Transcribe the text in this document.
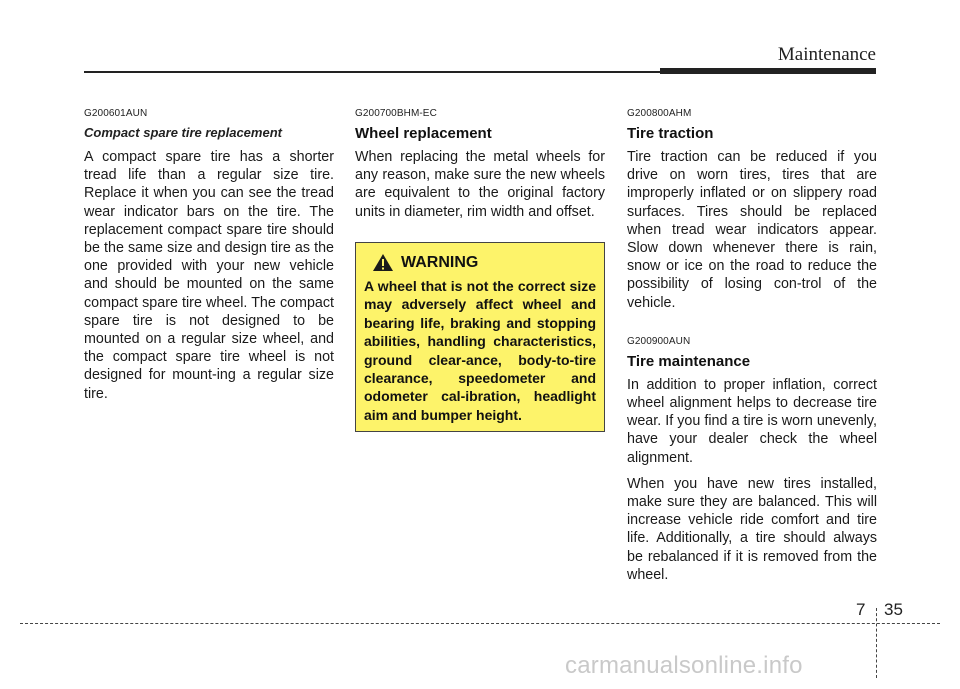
Maintenance
G200601AUN
Compact spare tire replacement

A compact spare tire has a shorter tread life than a regular size tire. Replace it when you can see the tread wear indicator bars on the tire. The replacement compact spare tire should be the same size and design tire as the one provided with your new vehicle and should be mounted on the same compact spare tire wheel. The compact spare tire is not designed to be mounted on a regular size wheel, and the compact spare tire wheel is not designed for mount-ing a regular size tire.

G200700BHM-EC
Wheel replacement

When replacing the metal wheels for any reason, make sure the new wheels are equivalent to the original factory units in diameter, rim width and offset.

WARNING

A wheel that is not the correct size may adversely affect wheel and bearing life, braking and stopping abilities, handling characteristics, ground clear-ance, body-to-tire clearance, speedometer and odometer cal-ibration, headlight aim and bumper height.

G200800AHM
Tire traction

Tire traction can be reduced if you drive on worn tires, tires that are improperly inflated or on slippery road surfaces. Tires should be replaced when tread wear indicators appear. Slow down whenever there is rain, snow or ice on the road to reduce the possibility of losing con-trol of the vehicle.

G200900AUN
Tire maintenance

In addition to proper inflation, correct wheel alignment helps to decrease tire wear. If you find a tire is worn unevenly, have your dealer check the wheel alignment.

When you have new tires installed, make sure they are balanced. This will increase vehicle ride comfort and tire life. Additionally, a tire should always be rebalanced if it is removed from the wheel.

7 35
carmanualsonline.info
